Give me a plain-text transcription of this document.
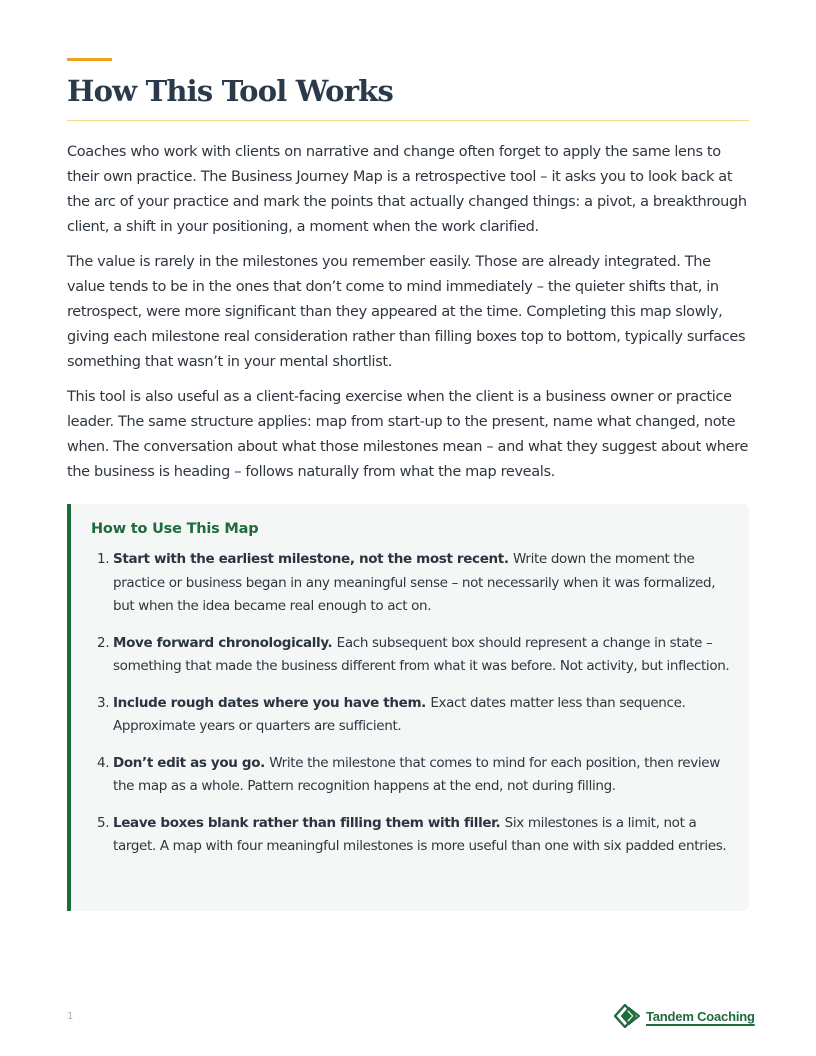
How This Tool Works

Coaches who work with clients on narrative and change often forget to apply the same lens to their own practice. The Business Journey Map is a retrospective tool – it asks you to look back at the arc of your practice and mark the points that actually changed things: a pivot, a breakthrough client, a shift in your positioning, a moment when the work clarified.

The value is rarely in the milestones you remember easily. Those are already integrated. The value tends to be in the ones that don’t come to mind immediately – the quieter shifts that, in retrospect, were more significant than they appeared at the time. Completing this map slowly, giving each milestone real consideration rather than filling boxes top to bottom, typically surfaces something that wasn’t in your mental shortlist.

This tool is also useful as a client-facing exercise when the client is a business owner or practice leader. The same structure applies: map from start-up to the present, name what changed, note when. The conversation about what those milestones mean – and what they suggest about where the business is heading – follows naturally from what the map reveals.

How to Use This Map
1. Start with the earliest milestone, not the most recent. Write down the moment the practice or business began in any meaningful sense – not necessarily when it was formalized, but when the idea became real enough to act on.
2. Move forward chronologically. Each subsequent box should represent a change in state – something that made the business different from what it was before. Not activity, but inflection.
3. Include rough dates where you have them. Exact dates matter less than sequence. Approximate years or quarters are sufficient.
4. Don’t edit as you go. Write the milestone that comes to mind for each position, then review the map as a whole. Pattern recognition happens at the end, not during filling.
5. Leave boxes blank rather than filling them with filler. Six milestones is a limit, not a target. A map with four meaningful milestones is more useful than one with six padded entries.
1	Tandem Coaching
